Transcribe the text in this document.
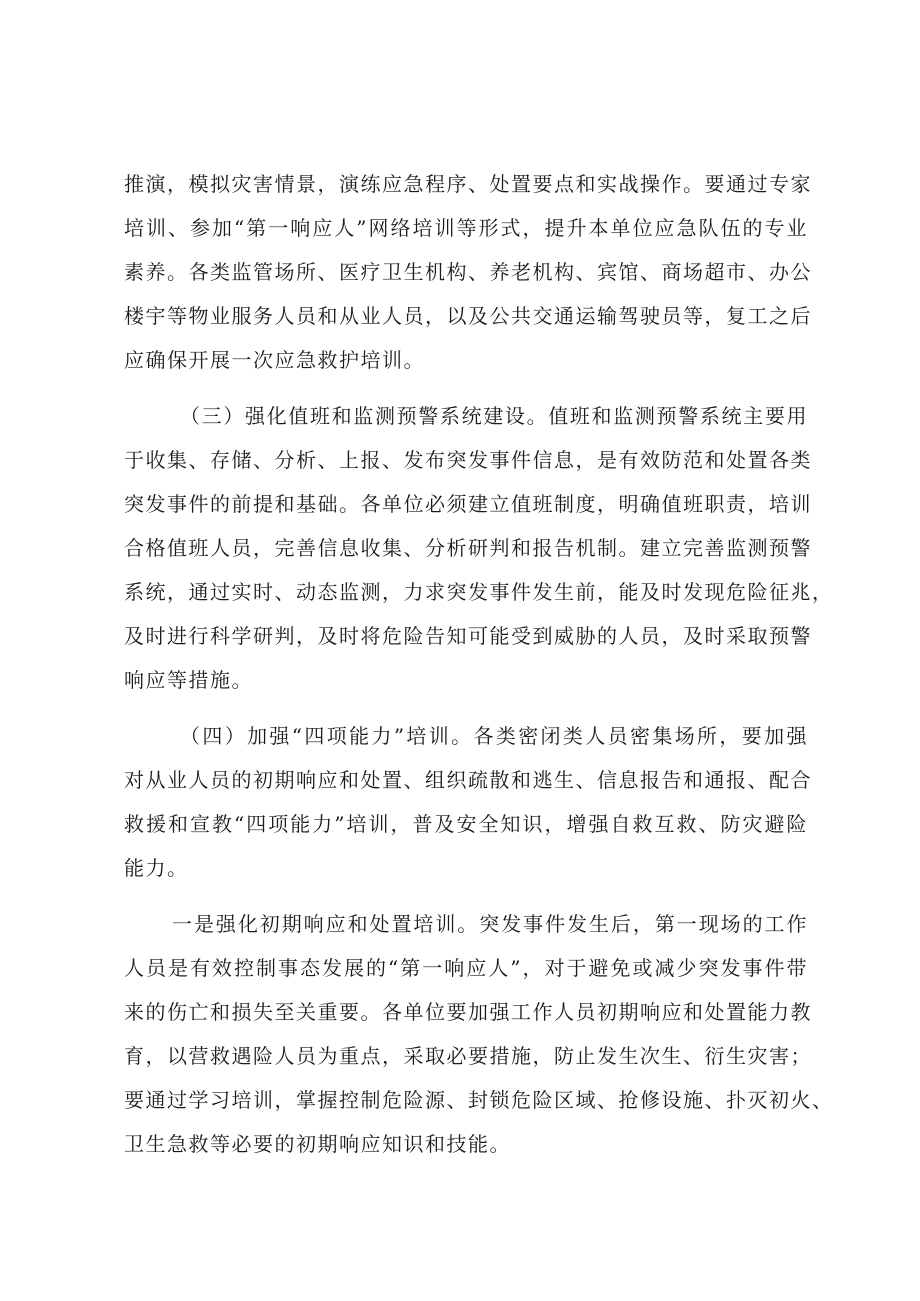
推演，模拟灾害情景，演练应急程序、处置要点和实战操作。要通过专家
培训、参加“第一响应人”网络培训等形式，提升本单位应急队伍的专业
素养。各类监管场所、医疗卫生机构、养老机构、宾馆、商场超市、办公
楼宇等物业服务人员和从业人员，以及公共交通运输驾驶员等，复工之后
应确保开展一次应急救护培训。
（三）强化值班和监测预警系统建设。值班和监测预警系统主要用
于收集、存储、分析、上报、发布突发事件信息，是有效防范和处置各类
突发事件的前提和基础。各单位必须建立值班制度，明确值班职责，培训
合格值班人员，完善信息收集、分析研判和报告机制。建立完善监测预警
系统，通过实时、动态监测，力求突发事件发生前，能及时发现危险征兆，
及时进行科学研判，及时将危险告知可能受到威胁的人员，及时采取预警
响应等措施。
（四）加强“四项能力”培训。各类密闭类人员密集场所，要加强
对从业人员的初期响应和处置、组织疏散和逃生、信息报告和通报、配合
救援和宣教“四项能力”培训，普及安全知识，增强自救互救、防灾避险
能力。
一是强化初期响应和处置培训。突发事件发生后，第一现场的工作
人员是有效控制事态发展的“第一响应人”，对于避免或减少突发事件带
来的伤亡和损失至关重要。各单位要加强工作人员初期响应和处置能力教
育，以营救遇险人员为重点，采取必要措施，防止发生次生、衍生灾害；
要通过学习培训，掌握控制危险源、封锁危险区域、抢修设施、扑灭初火、
卫生急救等必要的初期响应知识和技能。
